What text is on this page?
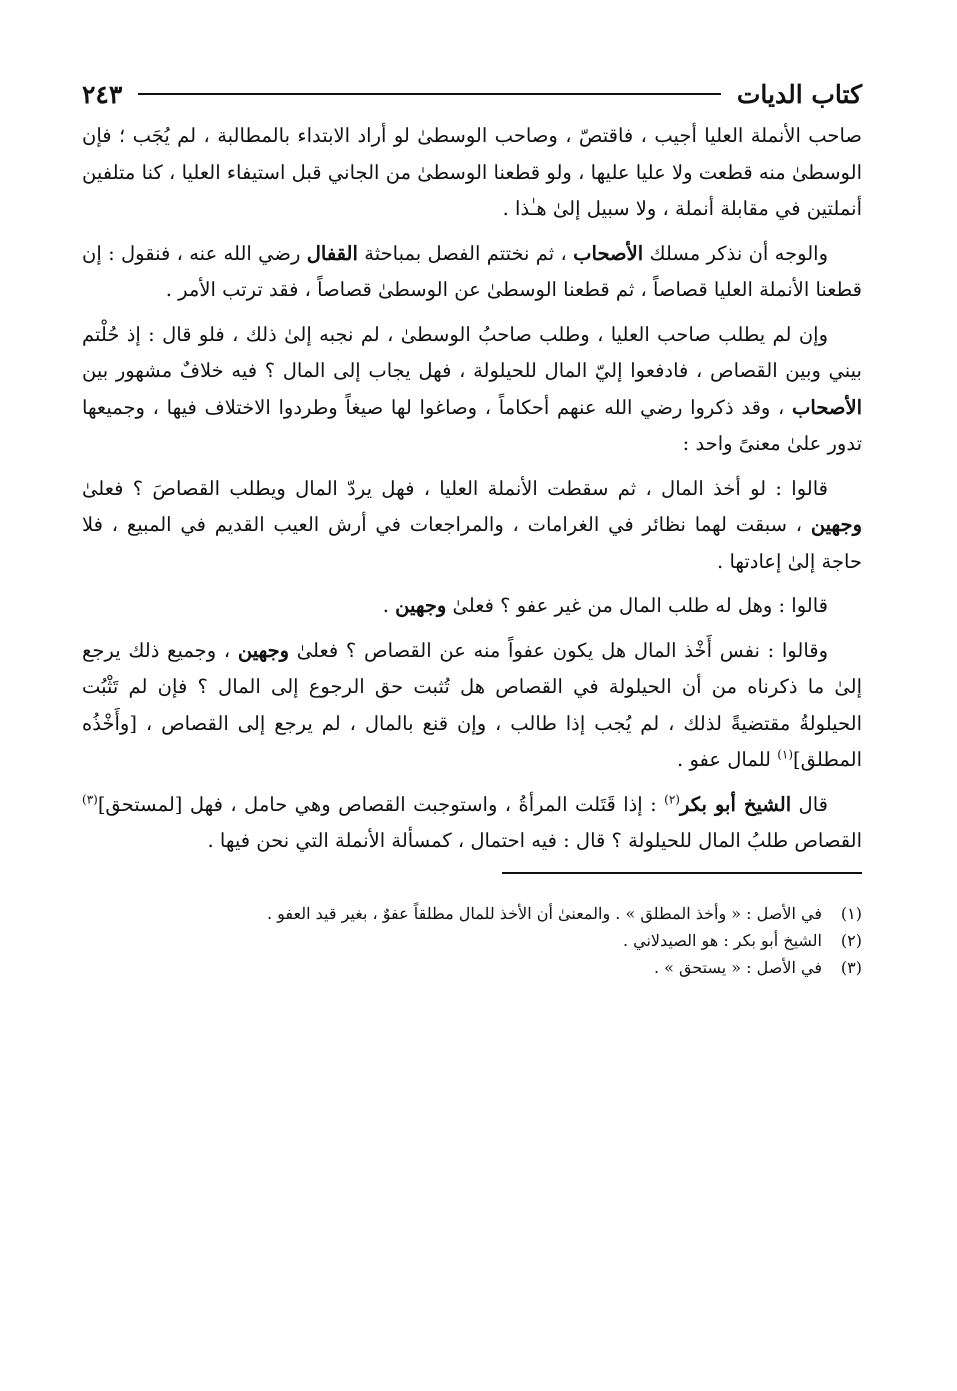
كتاب الديات
٢٤٣

صاحب الأنملة العليا أجيب ، فاقتصّ ، وصاحب الوسطىٰ لو أراد الابتداء بالمطالبة ، لم يُجَب ؛ فإن الوسطىٰ منه قطعت ولا عليا عليها ، ولو قطعنا الوسطىٰ من الجاني قبل استيفاء العليا ، كنا متلفين أنملتين في مقابلة أنملة ، ولا سبيل إلىٰ هـٰذا .

والوجه أن نذكر مسلك الأصحاب ، ثم نختتم الفصل بمباحثة القفال رضي الله عنه ، فنقول : إن قطعنا الأنملة العليا قصاصاً ، ثم قطعنا الوسطىٰ عن الوسطىٰ قصاصاً ، فقد ترتب الأمر .

وإن لم يطلب صاحب العليا ، وطلب صاحبُ الوسطىٰ ، لم نجبه إلىٰ ذلك ، فلو قال : إذ حُلْتم بيني وبين القصاص ، فادفعوا إليّ المال للحيلولة ، فهل يجاب إلى المال ؟ فيه خلافٌ مشهور بين الأصحاب ، وقد ذكروا رضي الله عنهم أحكاماً ، وصاغوا لها صيغاً وطردوا الاختلاف فيها ، وجميعها تدور علىٰ معنىً واحد :

قالوا : لو أخذ المال ، ثم سقطت الأنملة العليا ، فهل يردّ المال ويطلب القصاصَ ؟ فعلىٰ وجهين ، سبقت لهما نظائر في الغرامات ، والمراجعات في أرش العيب القديم في المبيع ، فلا حاجة إلىٰ إعادتها .

قالوا : وهل له طلب المال من غير عفو ؟ فعلىٰ وجهين .

وقالوا : نفس أَخْذ المال هل يكون عفواً منه عن القصاص ؟ فعلىٰ وجهين ، وجميع ذلك يرجع إلىٰ ما ذكرناه من أن الحيلولة في القصاص هل تُثبت حق الرجوع إلى المال ؟ فإن لم تَثْبُت الحيلولةُ مقتضيةً لذلك ، لم يُجب إذا طالب ، وإن قنع بالمال ، لم يرجع إلى القصاص ، [وأَخْذُه المطلق]$^{(١)}$ للمال عفو .

قال الشيخ أبو بكر$^{(٢)}$ : إذا قَتَلت المرأةُ ، واستوجبت القصاص وهي حامل ، فهل [لمستحق]$^{(٣)}$ القصاص طلبُ المال للحيلولة ؟ قال : فيه احتمال ، كمسألة الأنملة التي نحن فيها .

(١)
في الأصل : « وأخذ المطلق » . والمعنىٰ أن الأخذ للمال مطلقاً عفوٌ ، بغير قيد العفو .
(٢)
الشيخ أبو بكر : هو الصيدلاني .
(٣)
في الأصل : « يستحق » .
